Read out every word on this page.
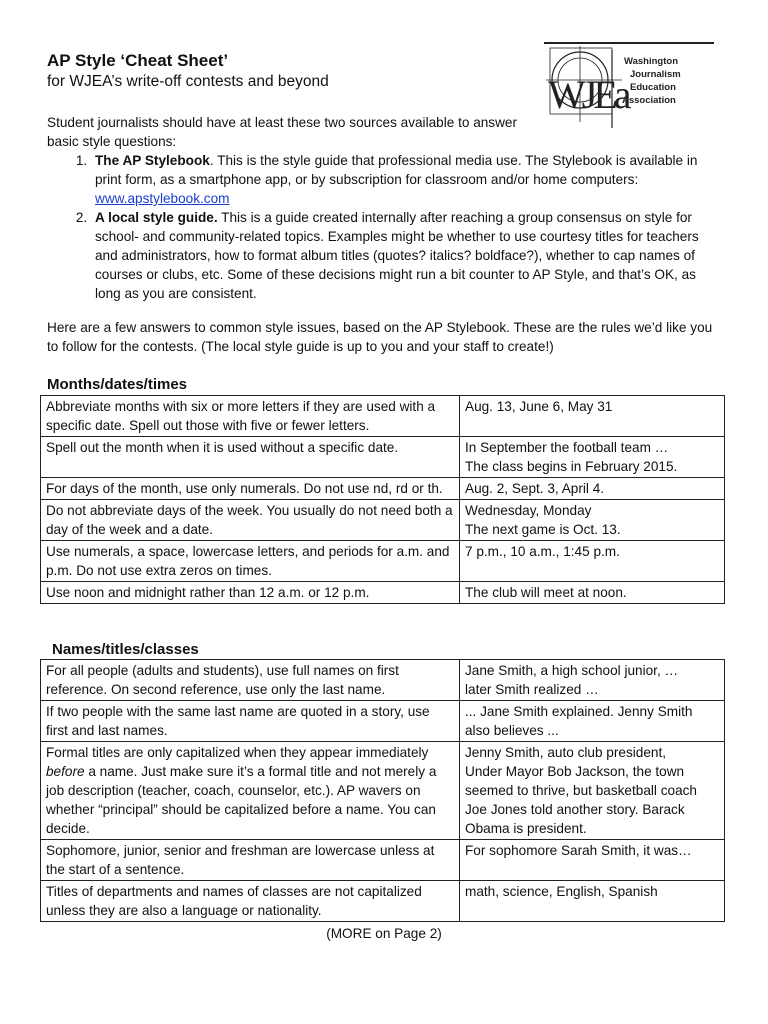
AP Style ‘Cheat Sheet’

for WJEA’s write-off contests and beyond	WJEa
Washington
Journalism
Education
Association

Student journalists should have at least these two sources available to answer basic style questions:

1. The AP Stylebook. This is the style guide that professional media use. The Stylebook is available in print form, as a smartphone app, or by subscription for classroom and/or home computers: www.apstylebook.com
2. A local style guide. This is a guide created internally after reaching a group consensus on style for school- and community-related topics. Examples might be whether to use courtesy titles for teachers and administrators, how to format album titles (quotes? italics? boldface?), whether to cap names of courses or clubs, etc. Some of these decisions might run a bit counter to AP Style, and that’s OK, as long as you are consistent.

Here are a few answers to common style issues, based on the AP Stylebook. These are the rules we’d like you to follow for the contests. (The local style guide is up to you and your staff to create!)

Months/dates/times
Abbreviate months with six or more letters if they are used with a specific date. Spell out those with five or fewer letters.	Aug. 13, June 6, May 31
Spell out the month when it is used without a specific date.	In September the football team …
The class begins in February 2015.
For days of the month, use only numerals. Do not use nd, rd or th.	Aug. 2, Sept. 3, April 4.
Do not abbreviate days of the week. You usually do not need both a day of the week and a date.	Wednesday, Monday
The next game is Oct. 13.
Use numerals, a space, lowercase letters, and periods for a.m. and p.m. Do not use extra zeros on times.	7 p.m., 10 a.m., 1:45 p.m.
Use noon and midnight rather than 12 a.m. or 12 p.m.	The club will meet at noon.
Names/titles/classes
For all people (adults and students), use full names on first reference. On second reference, use only the last name.	Jane Smith, a high school junior, …
later Smith realized …
If two people with the same last name are quoted in a story, use first and last names.	... Jane Smith explained. Jenny Smith also believes ...
Formal titles are only capitalized when they appear immediately before a name. Just make sure it’s a formal title and not merely a job description (teacher, coach, counselor, etc.). AP wavers on whether “principal” should be capitalized before a name. You can decide.	Jenny Smith, auto club president,
Under Mayor Bob Jackson, the town seemed to thrive, but basketball coach Joe Jones told another story. Barack Obama is president.
Sophomore, junior, senior and freshman are lowercase unless at the start of a sentence.	For sophomore Sarah Smith, it was…
Titles of departments and names of classes are not capitalized unless they are also a language or nationality.	math, science, English, Spanish
(MORE on Page 2)
